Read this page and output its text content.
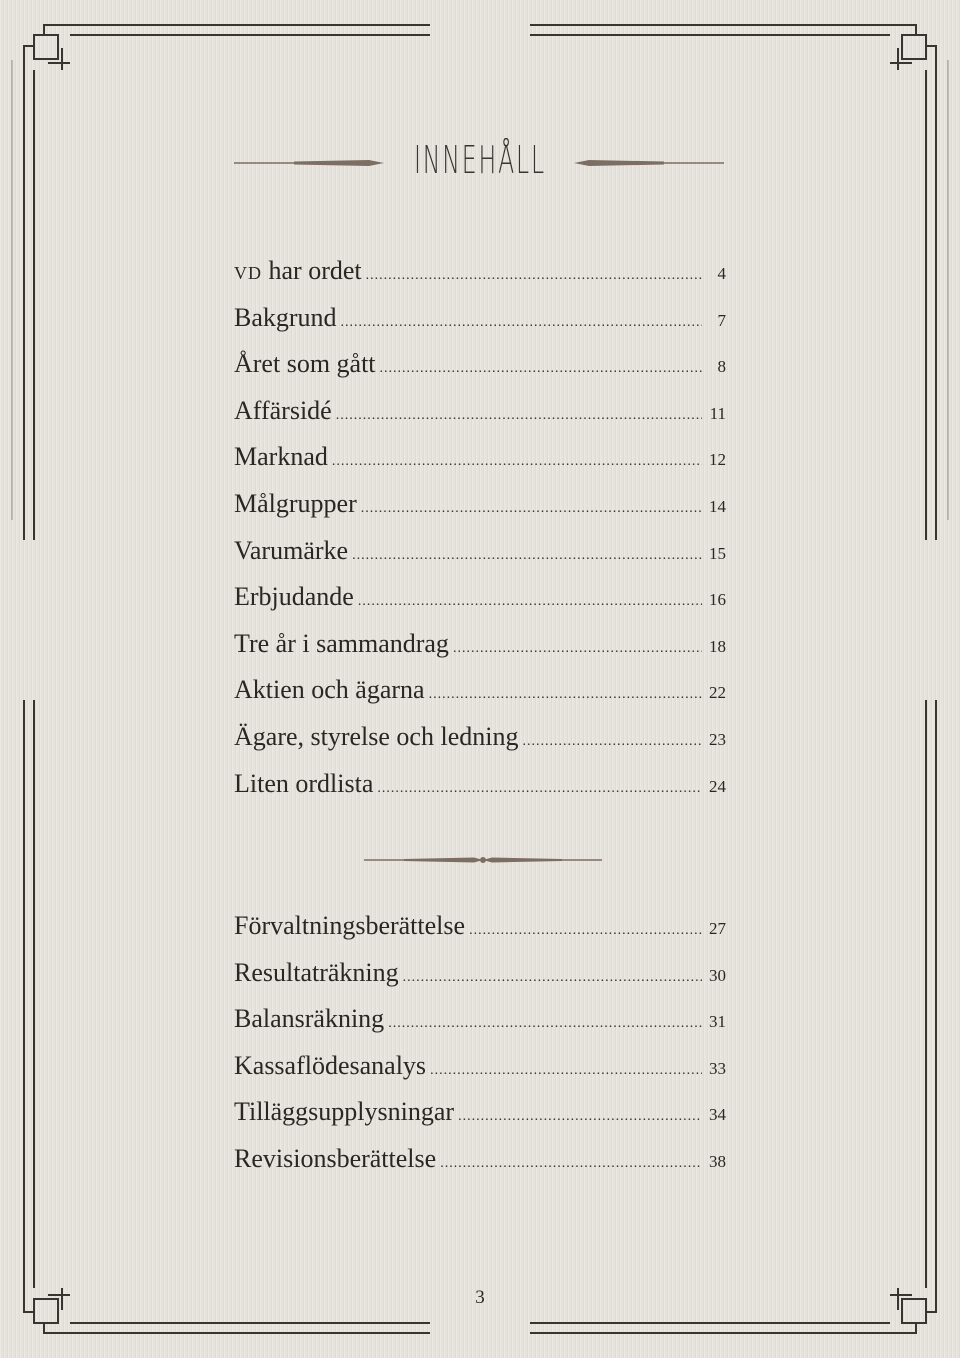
INNEHÅLL
vd har ordet .....	4
Bakgrund .....	7
Året som gått .....	8
Affärsidé .....	11
Marknad .....	12
Målgrupper .....	14
Varumärke .....	15
Erbjudande .....	16
Tre år i sammandrag .....	18
Aktien och ägarna .....	22
Ägare, styrelse och ledning .....	23
Liten ordlista .....	24
Förvaltningsberättelse .....	27
Resultaträkning .....	30
Balansräkning .....	31
Kassaflödesanalys .....	33
Tilläggsupplysningar .....	34
Revisionsberättelse .....	38
3
